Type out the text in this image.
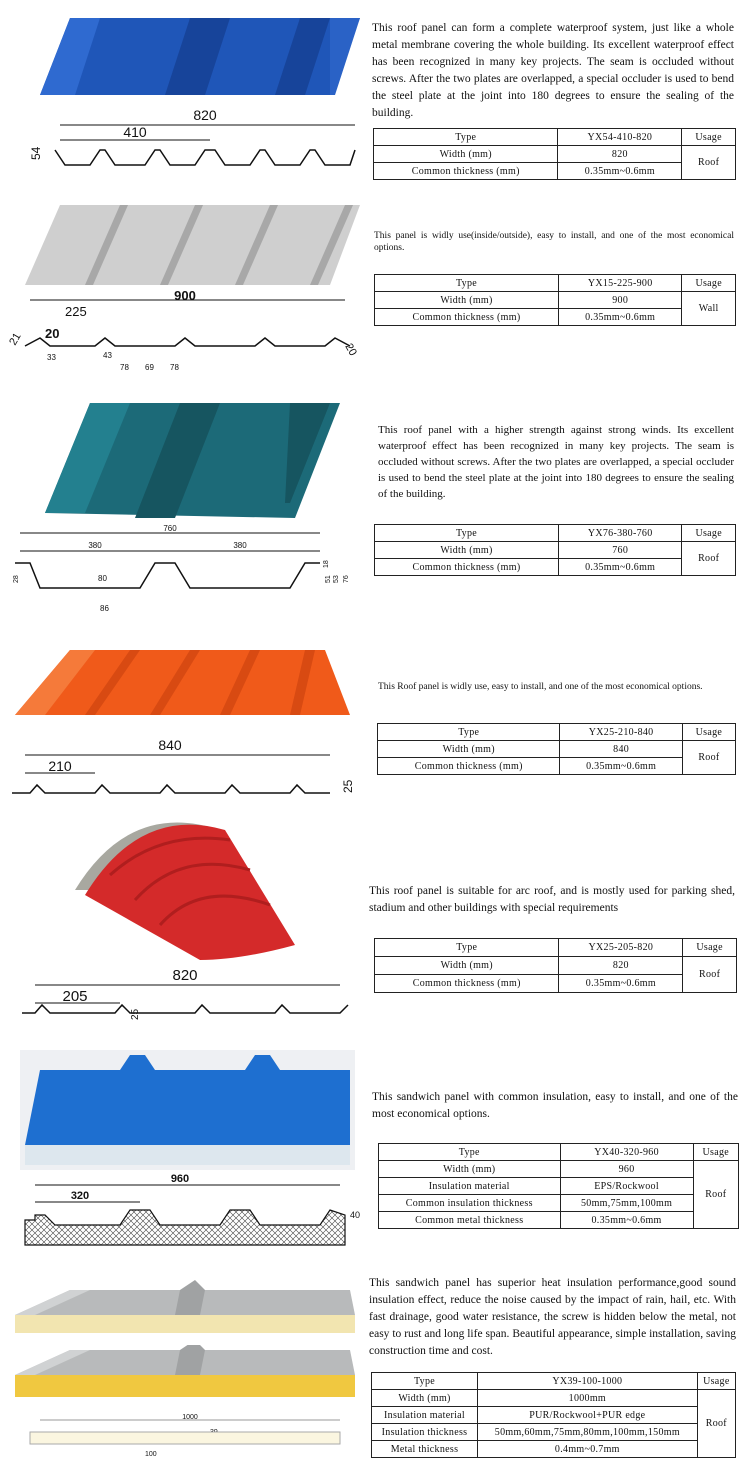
820
410
54
This roof panel can form a complete waterproof system, just like a whole metal membrane covering the whole building. Its excellent waterproof effect has been recognized in many key projects. The seam is occluded without screws. After the two plates are overlapped, a special occluder is used to bend the steel plate at the joint into 180 degrees to ensure the sealing of the building.
Type	YX54-410-820	Usage
Width (mm)	820	Roof
Common thickness (mm)	0.35mm~0.6mm	
900
225
20
21
20
33	43
78 69 78
This panel is widly use(inside/outside), easy to install, and one of the most economical options.
Type	YX15-225-900	Usage
Width (mm)	900	Wall
Common thickness (mm)	0.35mm~0.6mm	
760
380	380
80
86
51 53 76
18
28
This roof panel with a higher strength against strong winds. Its excellent waterproof effect has been recognized in many key projects. The seam is occluded without screws. After the two plates are overlapped, a special occluder is used to bend the steel plate at the joint into 180 degrees to ensure the sealing of the building.
Type	YX76-380-760	Usage
Width (mm)	760	Roof
Common thickness (mm)	0.35mm~0.6mm	
840
210
25
This Roof panel is widly use, easy to install, and one of the most economical options.
Type	YX25-210-840	Usage
Width (mm)	840	Roof
Common thickness (mm)	0.35mm~0.6mm	
820
205
25
This roof panel is suitable for arc roof, and is mostly used for parking shed, stadium and other buildings with special requirements
Type	YX25-205-820	Usage
Width (mm)	820	Roof
Common thickness (mm)	0.35mm~0.6mm	
960
320
40
This sandwich panel with common insulation, easy to install, and one of the most economical options.
Type	YX40-320-960	Usage
Width (mm)	960	Roof
Insulation material	EPS/Rockwool	
Common insulation thickness	50mm,75mm,100mm	
Common metal thickness	0.35mm~0.6mm	
1000
100
This sandwich panel has superior heat insulation performance,good sound insulation effect, reduce the noise caused by the impact of rain, hail, etc. With fast drainage, good water resistance, the screw is hidden below the metal, not easy to rust and long life span. Beautiful appearance, simple installation, saving construction time and cost.
Type	YX39-100-1000	Usage
Width (mm)	1000mm	Roof
Insulation material	PUR/Rockwool+PUR edge	
Insulation thickness	50mm,60mm,75mm,80mm,100mm,150mm	
Metal thickness	0.4mm~0.7mm	
